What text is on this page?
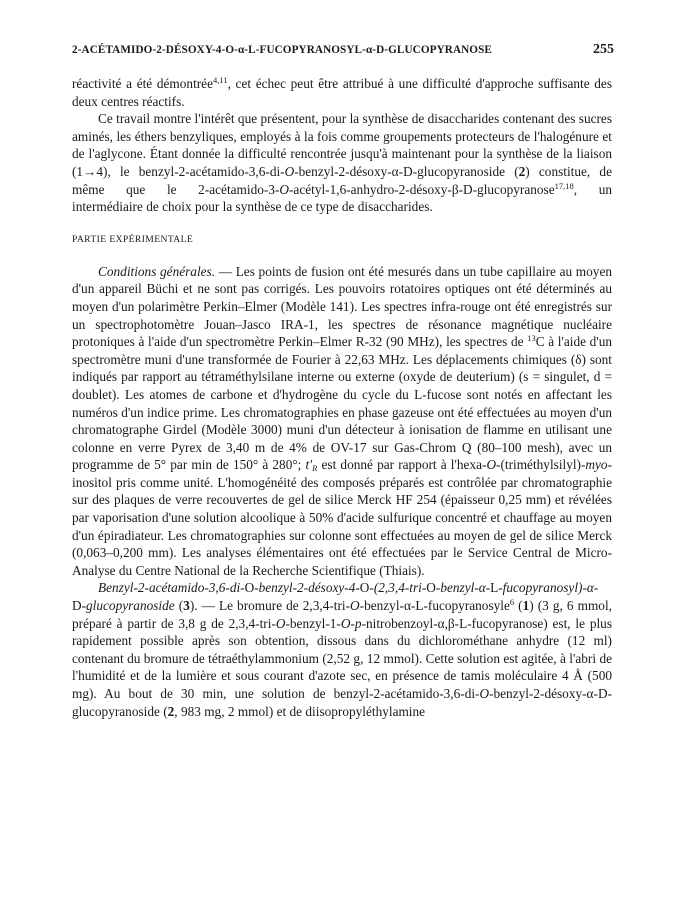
2-ACÉTAMIDO-2-DÉSOXY-4-O-α-L-FUCOPYRANOSYL-α-D-GLUCOPYRANOSE	255

réactivité a été démontrée$^{4,11}$, cet échec peut être attribué à une difficulté d'approche suffisante des deux centres réactifs.

Ce travail montre l'intérêt que présentent, pour la synthèse de disaccharides contenant des sucres aminés, les éthers benzyliques, employés à la fois comme groupements protecteurs de l'halogénure et de l'aglycone. Étant donnée la difficulté rencontrée jusqu'à maintenant pour la synthèse de la liaison (1→4), le benzyl-2-acétamido-3,6-di-O-benzyl-2-désoxy-α-D-glucopyranoside (2) constitue, de même que le 2-acétamido-3-O-acétyl-1,6-anhydro-2-désoxy-β-D-glucopyranose$^{17,18}$, un intermédiaire de choix pour la synthèse de ce type de disaccharides.

PARTIE EXPÉRIMENTALE

Conditions générales. — Les points de fusion ont été mesurés dans un tube capillaire au moyen d'un appareil Büchi et ne sont pas corrigés. Les pouvoirs rotatoires optiques ont été déterminés au moyen d'un polarimètre Perkin–Elmer (Modèle 141). Les spectres infra-rouge ont été enregistrés sur un spectrophotomètre Jouan–Jasco IRA-1, les spectres de résonance magnétique nucléaire protoniques à l'aide d'un spectromètre Perkin–Elmer R-32 (90 MHz), les spectres de $^{13}$C à l'aide d'un spectromètre muni d'une transformée de Fourier à 22,63 MHz. Les déplacements chimiques (δ) sont indiqués par rapport au tétraméthylsilane interne ou externe (oxyde de deuterium) (s = singulet, d = doublet). Les atomes de carbone et d'hydrogène du cycle du L-fucose sont notés en affectant les numéros d'un indice prime. Les chromatographies en phase gazeuse ont été effectuées au moyen d'un chromatographe Girdel (Modèle 3000) muni d'un détecteur à ionisation de flamme en utilisant une colonne en verre Pyrex de 3,40 m de 4% de OV-17 sur Gas-Chrom Q (80–100 mesh), avec un programme de 5° par min de 150° à 280°; $t'_R$ est donné par rapport à l'hexa-O-(triméthylsilyl)-myo-inositol pris comme unité. L'homogénéité des composés préparés est contrôlée par chromatographie sur des plaques de verre recouvertes de gel de silice Merck HF 254 (épaisseur 0,25 mm) et révélées par vaporisation d'une solution alcoolique à 50% d'acide sulfurique concentré et chauffage au moyen d'un épiradiateur. Les chromatographies sur colonne sont effectuées au moyen de gel de silice Merck (0,063–0,200 mm). Les analyses élémentaires ont été effectuées par le Service Central de Micro-Analyse du Centre National de la Recherche Scientifique (Thiais).

Benzyl-2-acétamido-3,6-di-O-benzyl-2-désoxy-4-O-(2,3,4-tri-O-benzyl-α-L-fucopyranosyl)-α-D-glucopyranoside (3). — Le bromure de 2,3,4-tri-O-benzyl-α-L-fucopyranosyle$^6$ (1) (3 g, 6 mmol, préparé à partir de 3,8 g de 2,3,4-tri-O-benzyl-1-O-p-nitrobenzoyl-α,β-L-fucopyranose) est, le plus rapidement possible après son obtention, dissous dans du dichlorométhane anhydre (12 ml) contenant du bromure de tétraéthylammonium (2,52 g, 12 mmol). Cette solution est agitée, à l'abri de l'humidité et de la lumière et sous courant d'azote sec, en présence de tamis moléculaire 4 Å (500 mg). Au bout de 30 min, une solution de benzyl-2-acétamido-3,6-di-O-benzyl-2-désoxy-α-D-glucopyranoside (2, 983 mg, 2 mmol) et de diisopropyléthylamine
